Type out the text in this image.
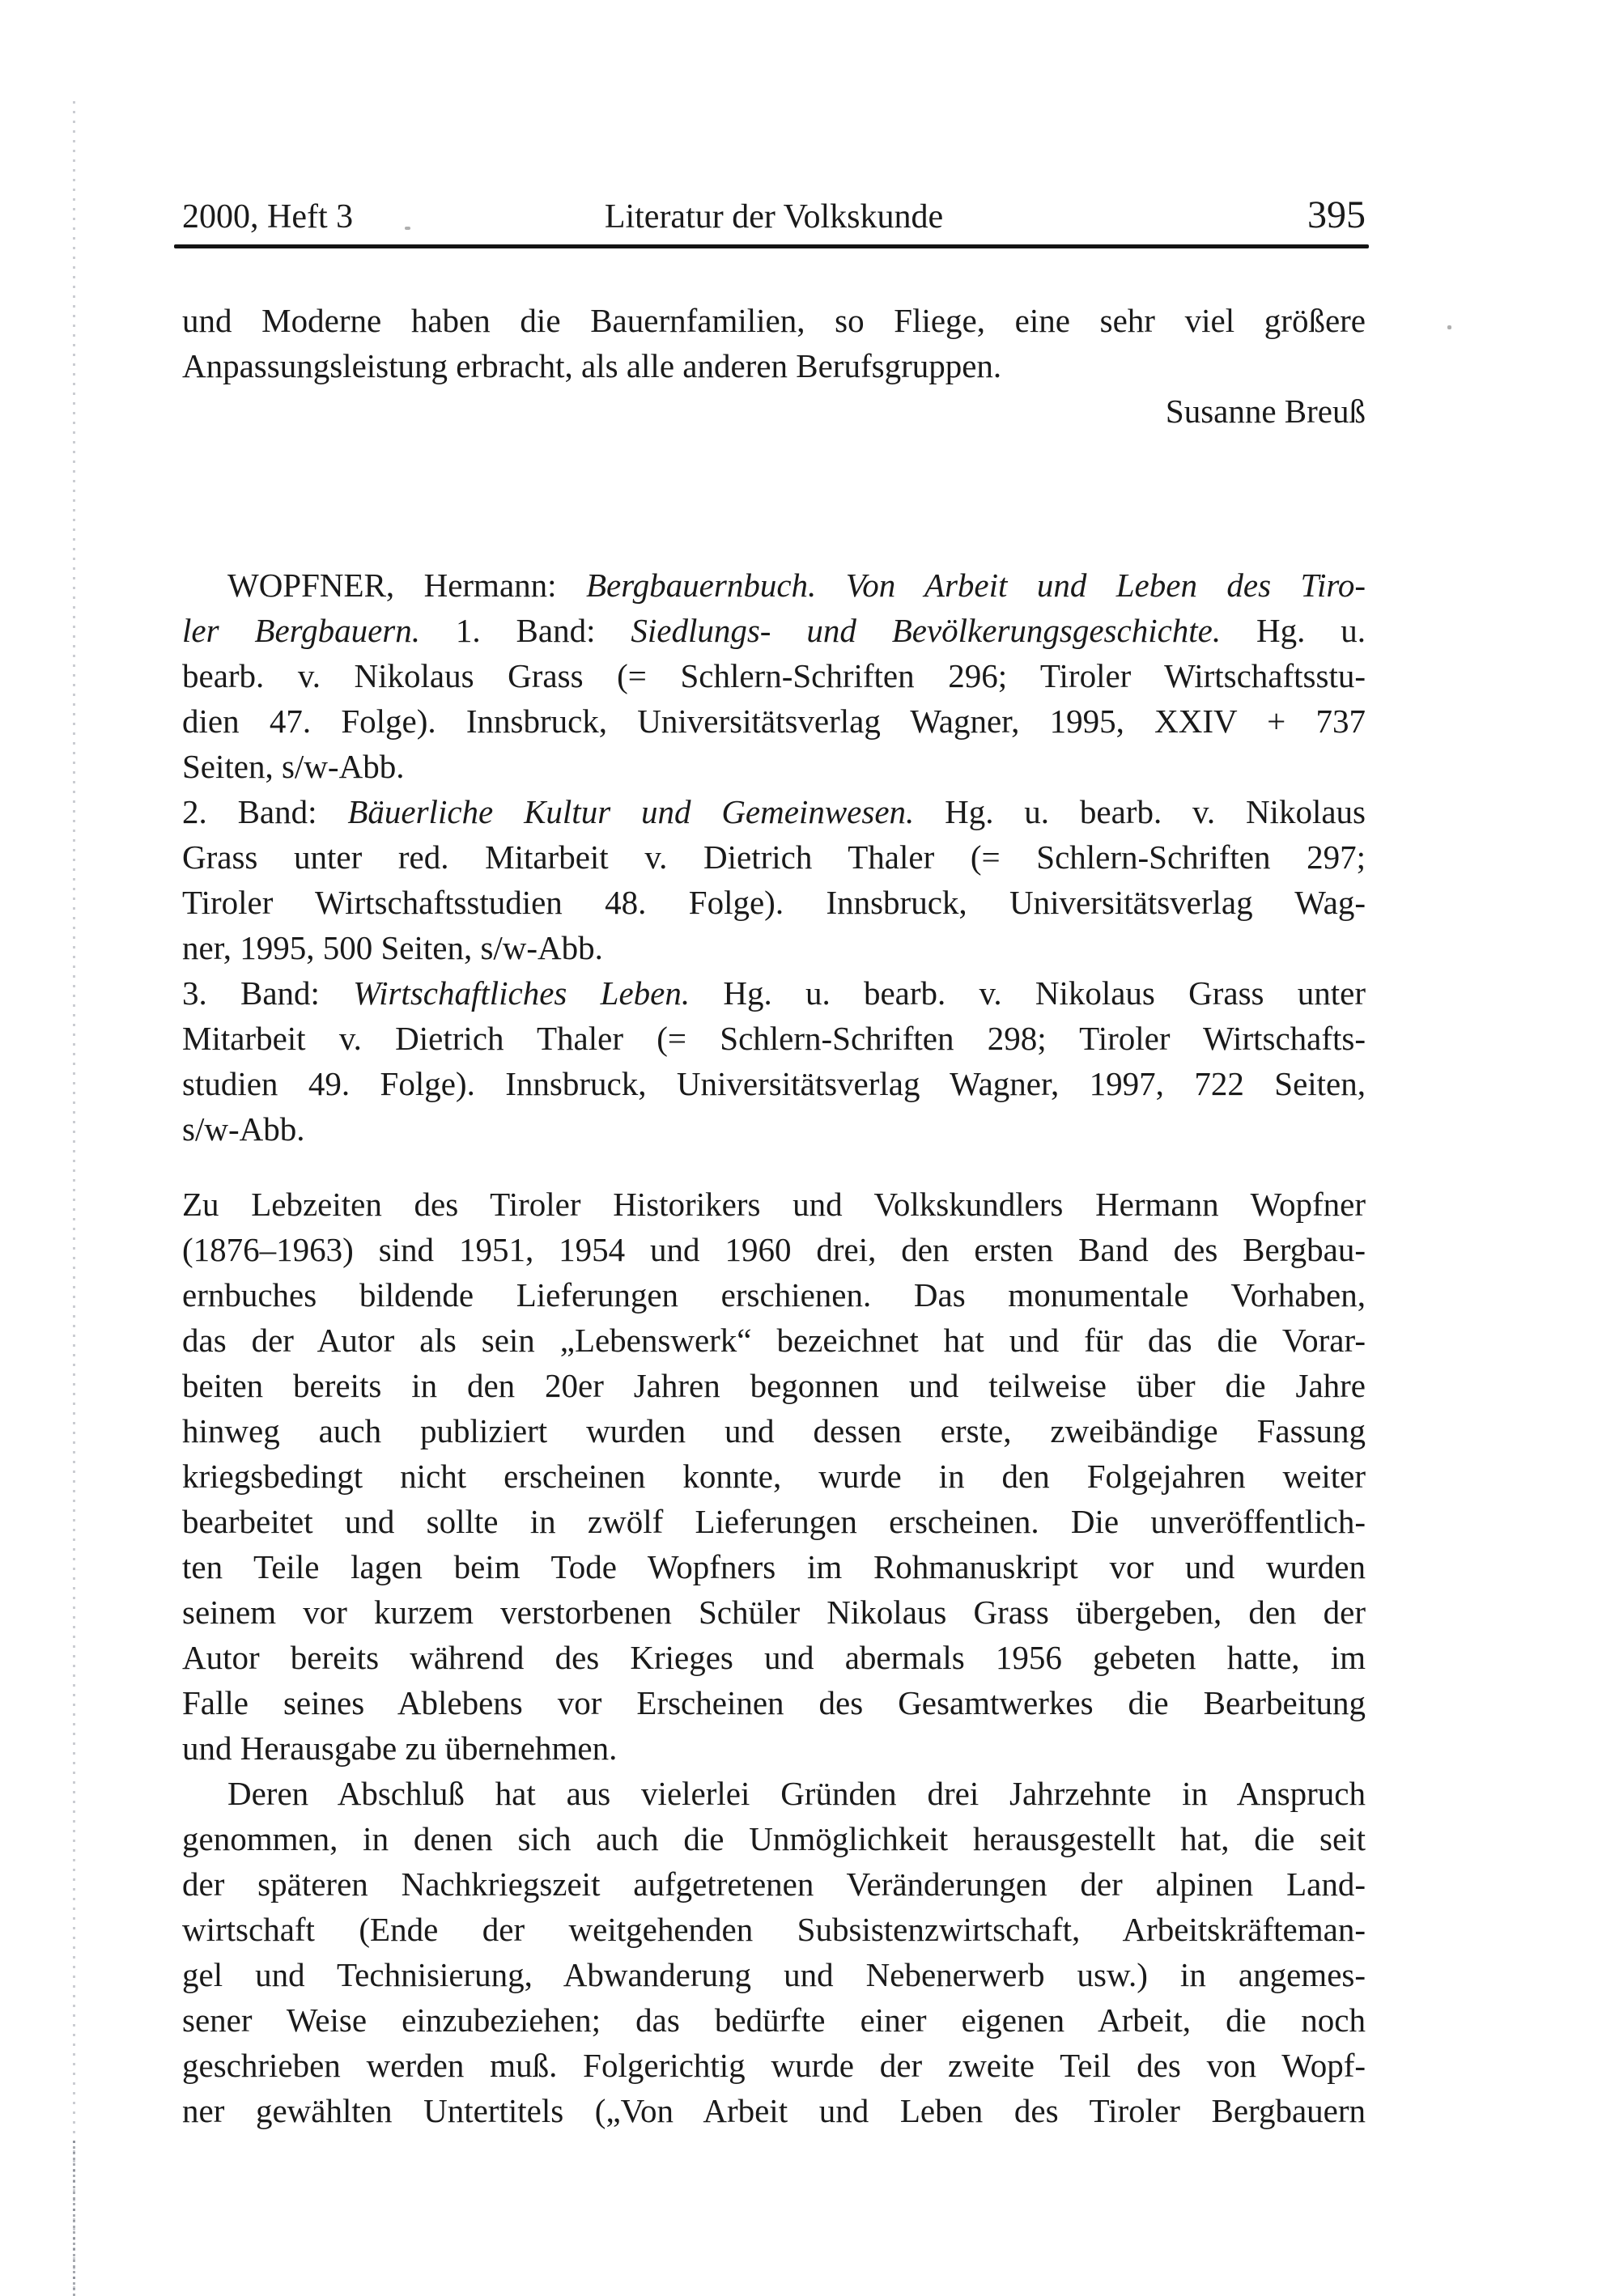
2000, Heft 3	Literatur der Volkskunde	395
und Moderne haben die Bauernfamilien, so Fliege, eine sehr viel größere
Anpassungsleistung erbracht, als alle anderen Berufsgruppen.
Susanne Breuß
WOPFNER, Hermann: Bergbauernbuch. Von Arbeit und Leben des Tiro-
ler Bergbauern. 1. Band: Siedlungs- und Bevölkerungsgeschichte. Hg. u.
bearb. v. Nikolaus Grass (= Schlern-Schriften 296; Tiroler Wirtschaftsstu-
dien 47. Folge). Innsbruck, Universitätsverlag Wagner, 1995, XXIV + 737
Seiten, s/w-Abb.
2. Band: Bäuerliche Kultur und Gemeinwesen. Hg. u. bearb. v. Nikolaus
Grass unter red. Mitarbeit v. Dietrich Thaler (= Schlern-Schriften 297;
Tiroler Wirtschaftsstudien 48. Folge). Innsbruck, Universitätsverlag Wag-
ner, 1995, 500 Seiten, s/w-Abb.
3. Band: Wirtschaftliches Leben. Hg. u. bearb. v. Nikolaus Grass unter
Mitarbeit v. Dietrich Thaler (= Schlern-Schriften 298; Tiroler Wirtschafts-
studien 49. Folge). Innsbruck, Universitätsverlag Wagner, 1997, 722 Seiten,
s/w-Abb.
Zu Lebzeiten des Tiroler Historikers und Volkskundlers Hermann Wopfner
(1876–1963) sind 1951, 1954 und 1960 drei, den ersten Band des Bergbau-
ernbuches bildende Lieferungen erschienen. Das monumentale Vorhaben,
das der Autor als sein „Lebenswerk“ bezeichnet hat und für das die Vorar-
beiten bereits in den 20er Jahren begonnen und teilweise über die Jahre
hinweg auch publiziert wurden und dessen erste, zweibändige Fassung
kriegsbedingt nicht erscheinen konnte, wurde in den Folgejahren weiter
bearbeitet und sollte in zwölf Lieferungen erscheinen. Die unveröffentlich-
ten Teile lagen beim Tode Wopfners im Rohmanuskript vor und wurden
seinem vor kurzem verstorbenen Schüler Nikolaus Grass übergeben, den der
Autor bereits während des Krieges und abermals 1956 gebeten hatte, im
Falle seines Ablebens vor Erscheinen des Gesamtwerkes die Bearbeitung
und Herausgabe zu übernehmen.
Deren Abschluß hat aus vielerlei Gründen drei Jahrzehnte in Anspruch
genommen, in denen sich auch die Unmöglichkeit herausgestellt hat, die seit
der späteren Nachkriegszeit aufgetretenen Veränderungen der alpinen Land-
wirtschaft (Ende der weitgehenden Subsistenzwirtschaft, Arbeitskräfteman-
gel und Technisierung, Abwanderung und Nebenerwerb usw.) in angemes-
sener Weise einzubeziehen; das bedürfte einer eigenen Arbeit, die noch
geschrieben werden muß. Folgerichtig wurde der zweite Teil des von Wopf-
ner gewählten Untertitels („Von Arbeit und Leben des Tiroler Bergbauern
